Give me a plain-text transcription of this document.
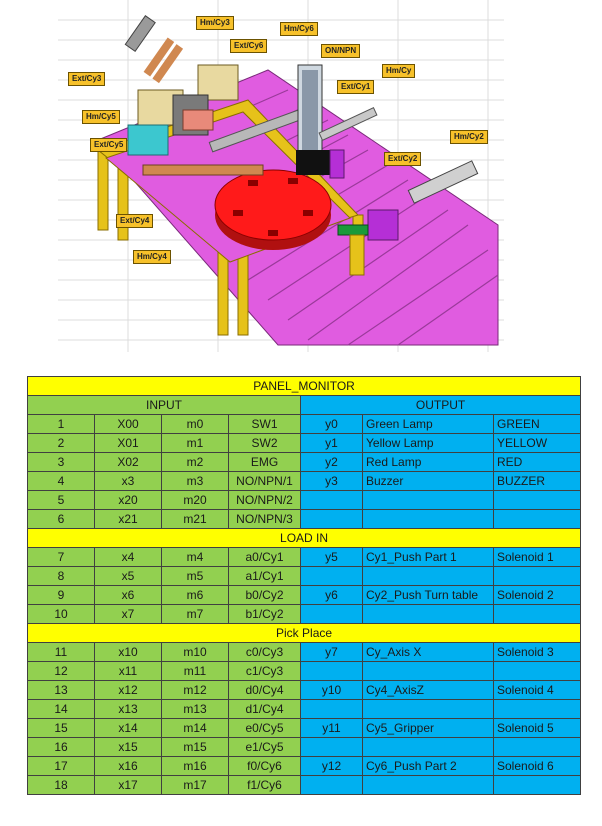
Hm/Cy3
Hm/Cy6
Ext/Cy6
ON/NPN
Ext/Cy3
Hm/Cy
Ext/Cy1
Hm/Cy5
Hm/Cy2
Ext/Cy5
Ext/Cy2
Ext/Cy4
Hm/Cy4
PANEL_MONITOR						
INPUT				OUTPUT		
1	X00	m0	SW1	y0	Green Lamp	GREEN
2	X01	m1	SW2	y1	Yellow Lamp	YELLOW
3	X02	m2	EMG	y2	Red Lamp	RED
4	x3	m3	NO/NPN/1	y3	Buzzer	BUZZER
5	x20	m20	NO/NPN/2			
6	x21	m21	NO/NPN/3			
LOAD IN						
7	x4	m4	a0/Cy1	y5	Cy1_Push Part 1	Solenoid 1
8	x5	m5	a1/Cy1			
9	x6	m6	b0/Cy2	y6	Cy2_Push Turn table	Solenoid 2
10	x7	m7	b1/Cy2			
Pick Place						
11	x10	m10	c0/Cy3	y7	Cy_Axis X	Solenoid 3
12	x11	m11	c1/Cy3			
13	x12	m12	d0/Cy4	y10	Cy4_AxisZ	Solenoid 4
14	x13	m13	d1/Cy4			
15	x14	m14	e0/Cy5	y11	Cy5_Gripper	Solenoid 5
16	x15	m15	e1/Cy5			
17	x16	m16	f0/Cy6	y12	Cy6_Push Part 2	Solenoid 6
18	x17	m17	f1/Cy6			
